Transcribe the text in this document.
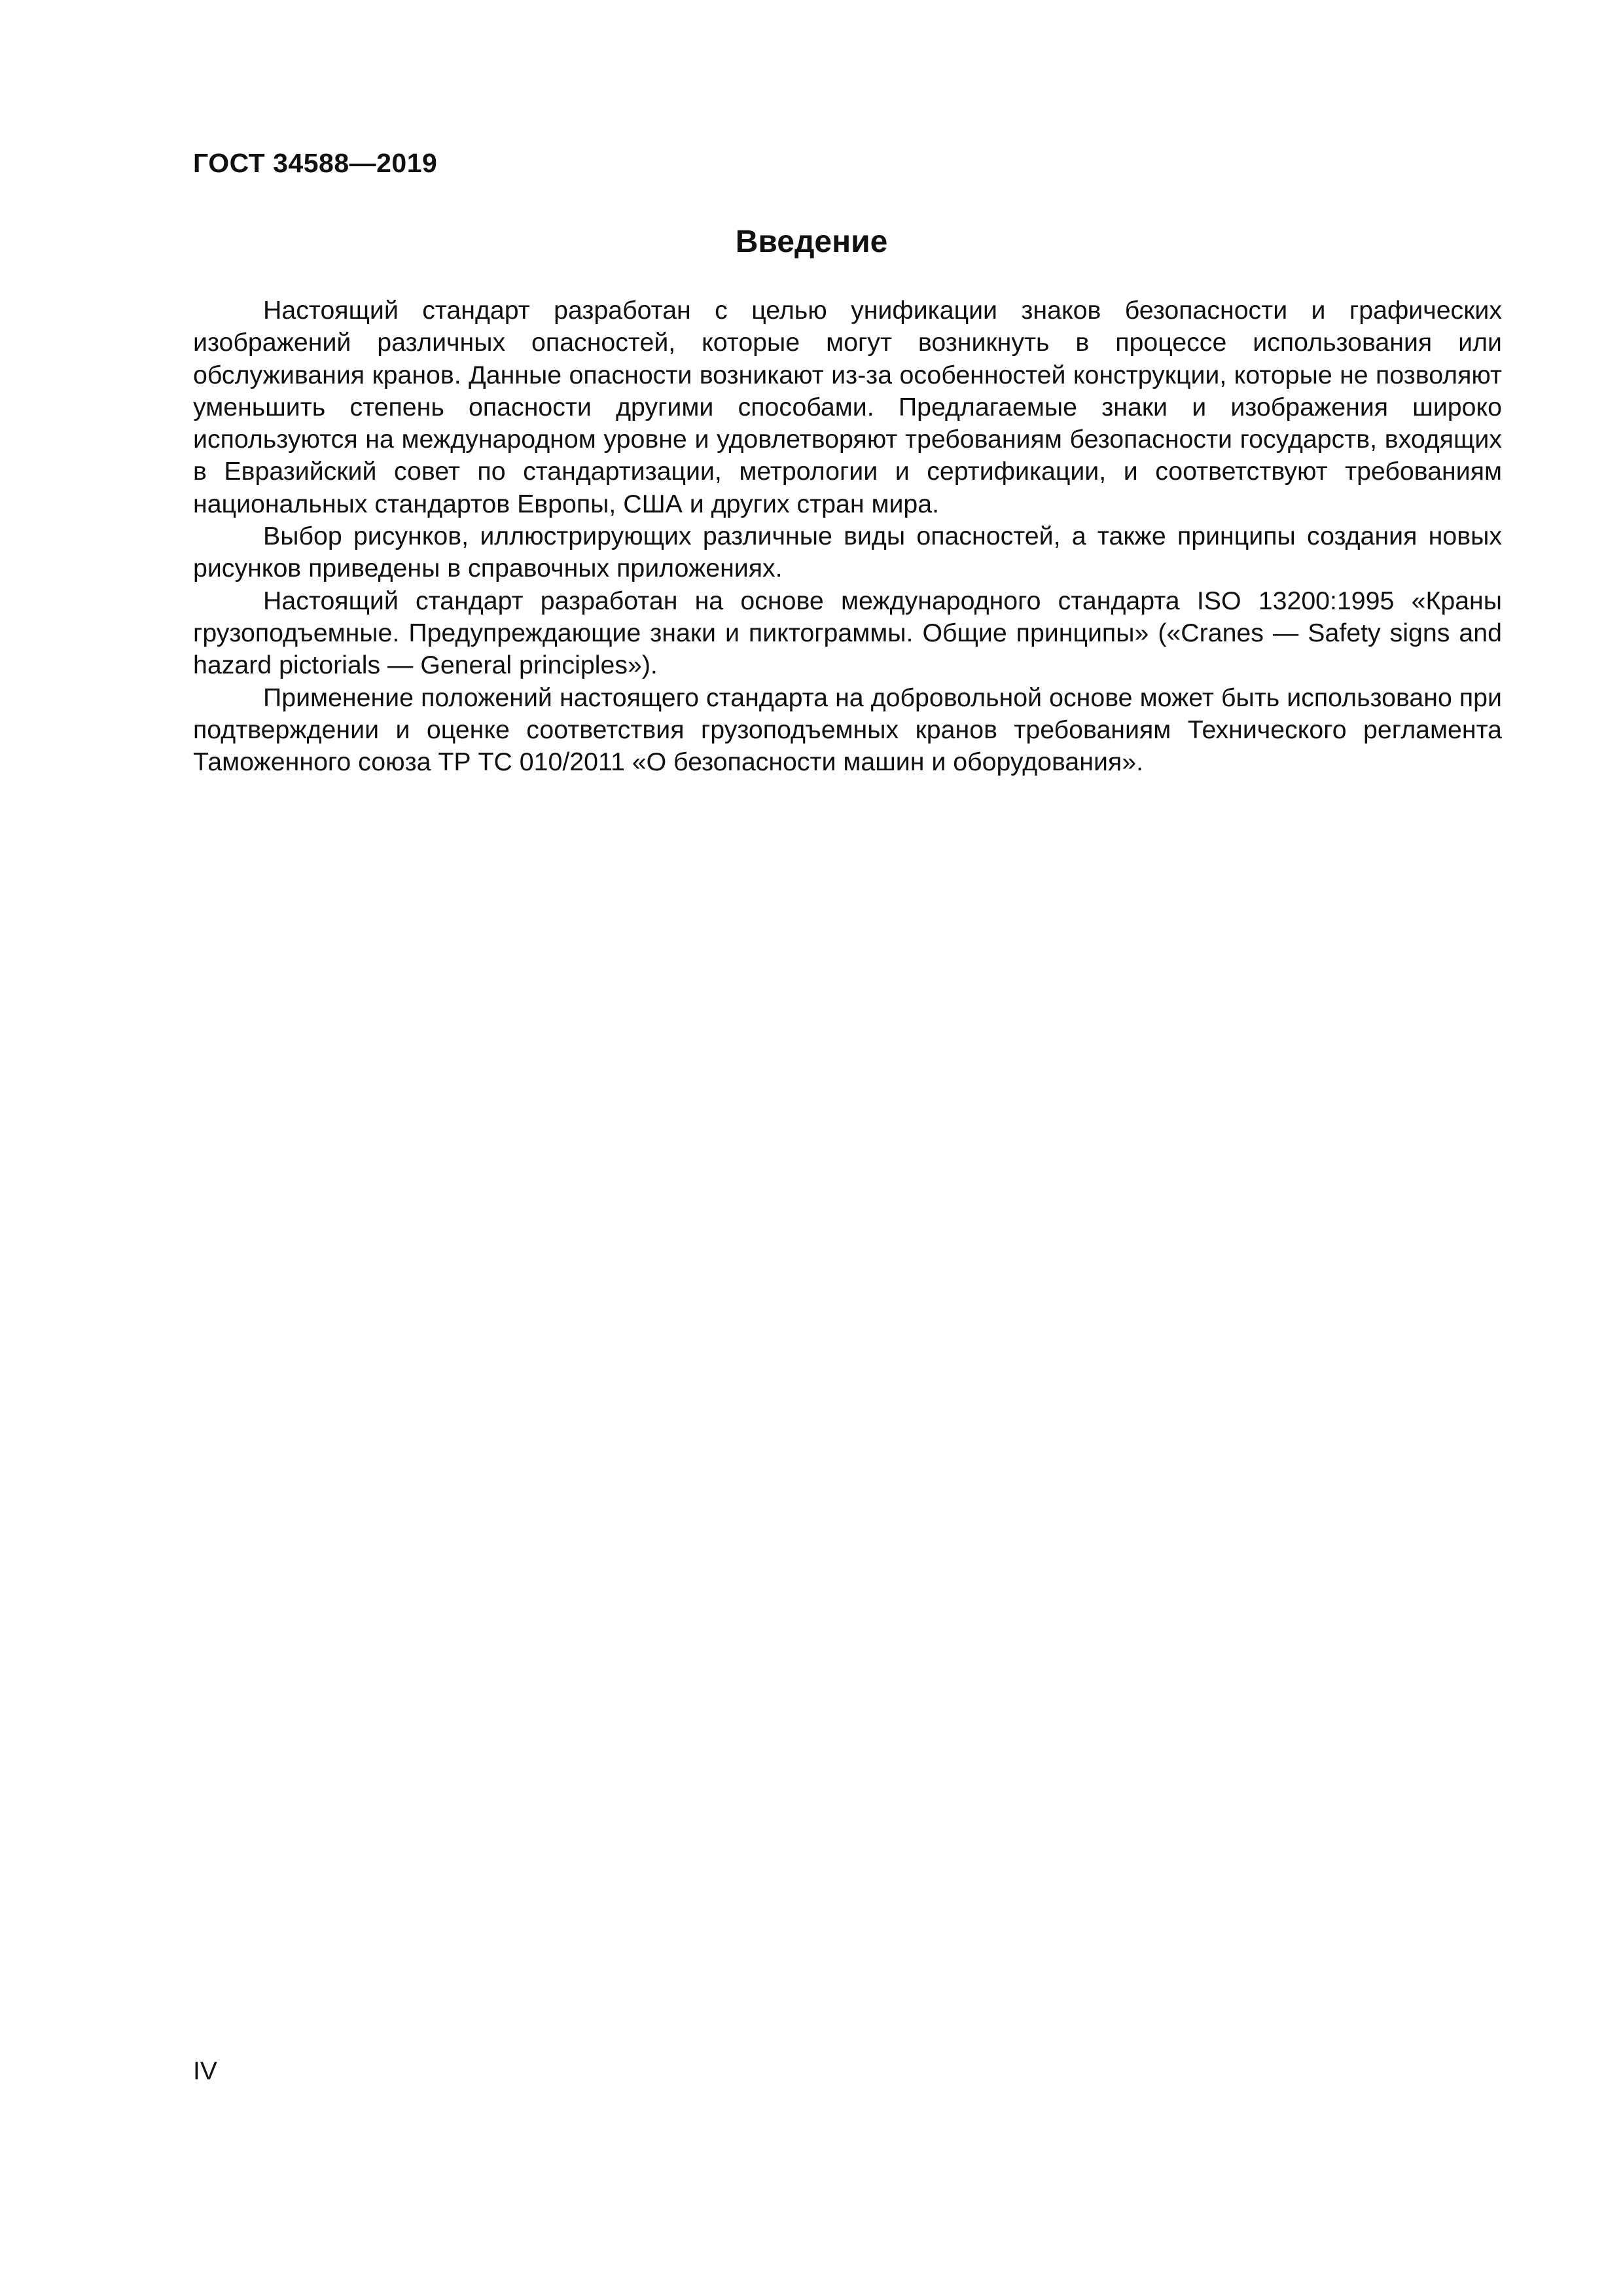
ГОСТ 34588—2019
Введение

Настоящий стандарт разработан с целью унификации знаков безопасности и графических изображений различных опасностей, которые могут возникнуть в процессе использования или обслуживания кранов. Данные опасности возникают из-за особенностей конструкции, которые не позволяют уменьшить степень опасности другими способами. Предлагаемые знаки и изображения широко используются на международном уровне и удовлетворяют требованиям безопасности государств, входящих в Евразийский совет по стандартизации, метрологии и сертификации, и соответствуют требованиям национальных стандартов Европы, США и других стран мира.

Выбор рисунков, иллюстрирующих различные виды опасностей, а также принципы создания новых рисунков приведены в справочных приложениях.

Настоящий стандарт разработан на основе международного стандарта ISO 13200:1995 «Краны грузоподъемные. Предупреждающие знаки и пиктограммы. Общие принципы» («Cranes — Safety signs and hazard pictorials — General principles»).

Применение положений настоящего стандарта на добровольной основе может быть использовано при подтверждении и оценке соответствия грузоподъемных кранов требованиям Технического регламента Таможенного союза ТР ТС 010/2011 «О безопасности машин и оборудования».

IV
